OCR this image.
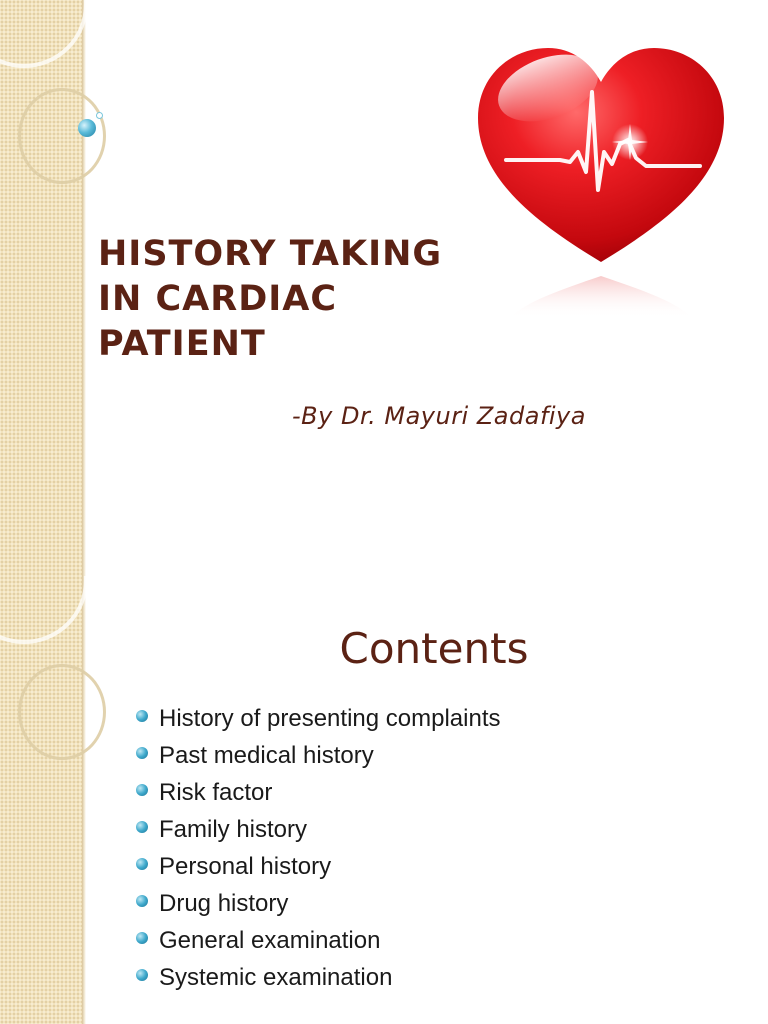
HISTORY TAKING
IN CARDIAC
PATIENT
-By Dr. Mayuri Zadafiya
Contents
History of presenting complaints
Past medical history
Risk factor
Family history
Personal history
Drug history
General examination
Systemic examination
